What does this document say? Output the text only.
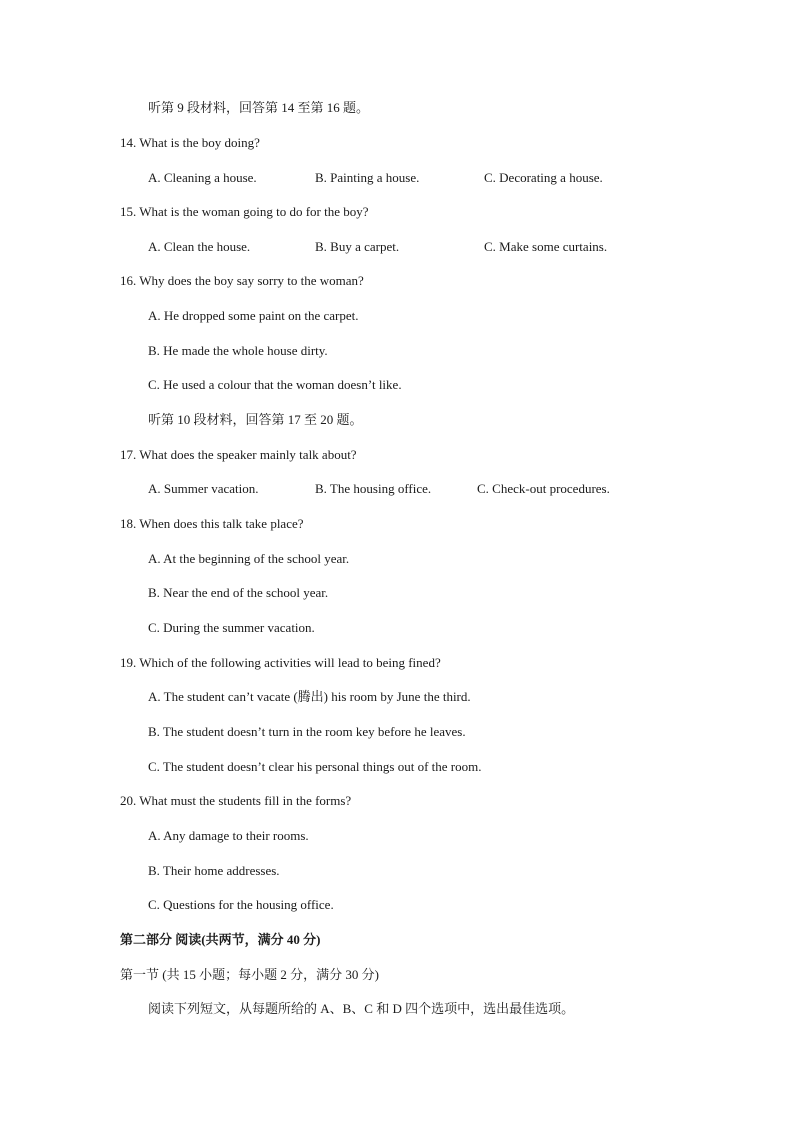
听第 9 段材料，回答第 14 至第 16 题。
14. What is the boy doing?
A. Cleaning a house.	B. Painting a house.	C. Decorating a house.
15. What is the woman going to do for the boy?
A. Clean the house.	B. Buy a carpet.	C. Make some curtains.
16. Why does the boy say sorry to the woman?
A. He dropped some paint on the carpet.
B. He made the whole house dirty.
C. He used a colour that the woman doesn’t like.
听第 10 段材料，回答第 17 至 20 题。
17. What does the speaker mainly talk about?
A. Summer vacation.	B. The housing office.	C. Check-out procedures.
18. When does this talk take place?
A. At the beginning of the school year.
B. Near the end of the school year.
C. During the summer vacation.
19. Which of the following activities will lead to being fined?
A. The student can’t vacate (腾出) his room by June the third.
B. The student doesn’t turn in the room key before he leaves.
C. The student doesn’t clear his personal things out of the room.
20. What must the students fill in the forms?
A. Any damage to their rooms.
B. Their home addresses.
C. Questions for the housing office.
第二部分 阅读(共两节，满分 40 分)
第一节 (共 15 小题；每小题 2 分，满分 30 分)
阅读下列短文，从每题所给的 A、B、C 和 D 四个选项中，选出最佳选项。
